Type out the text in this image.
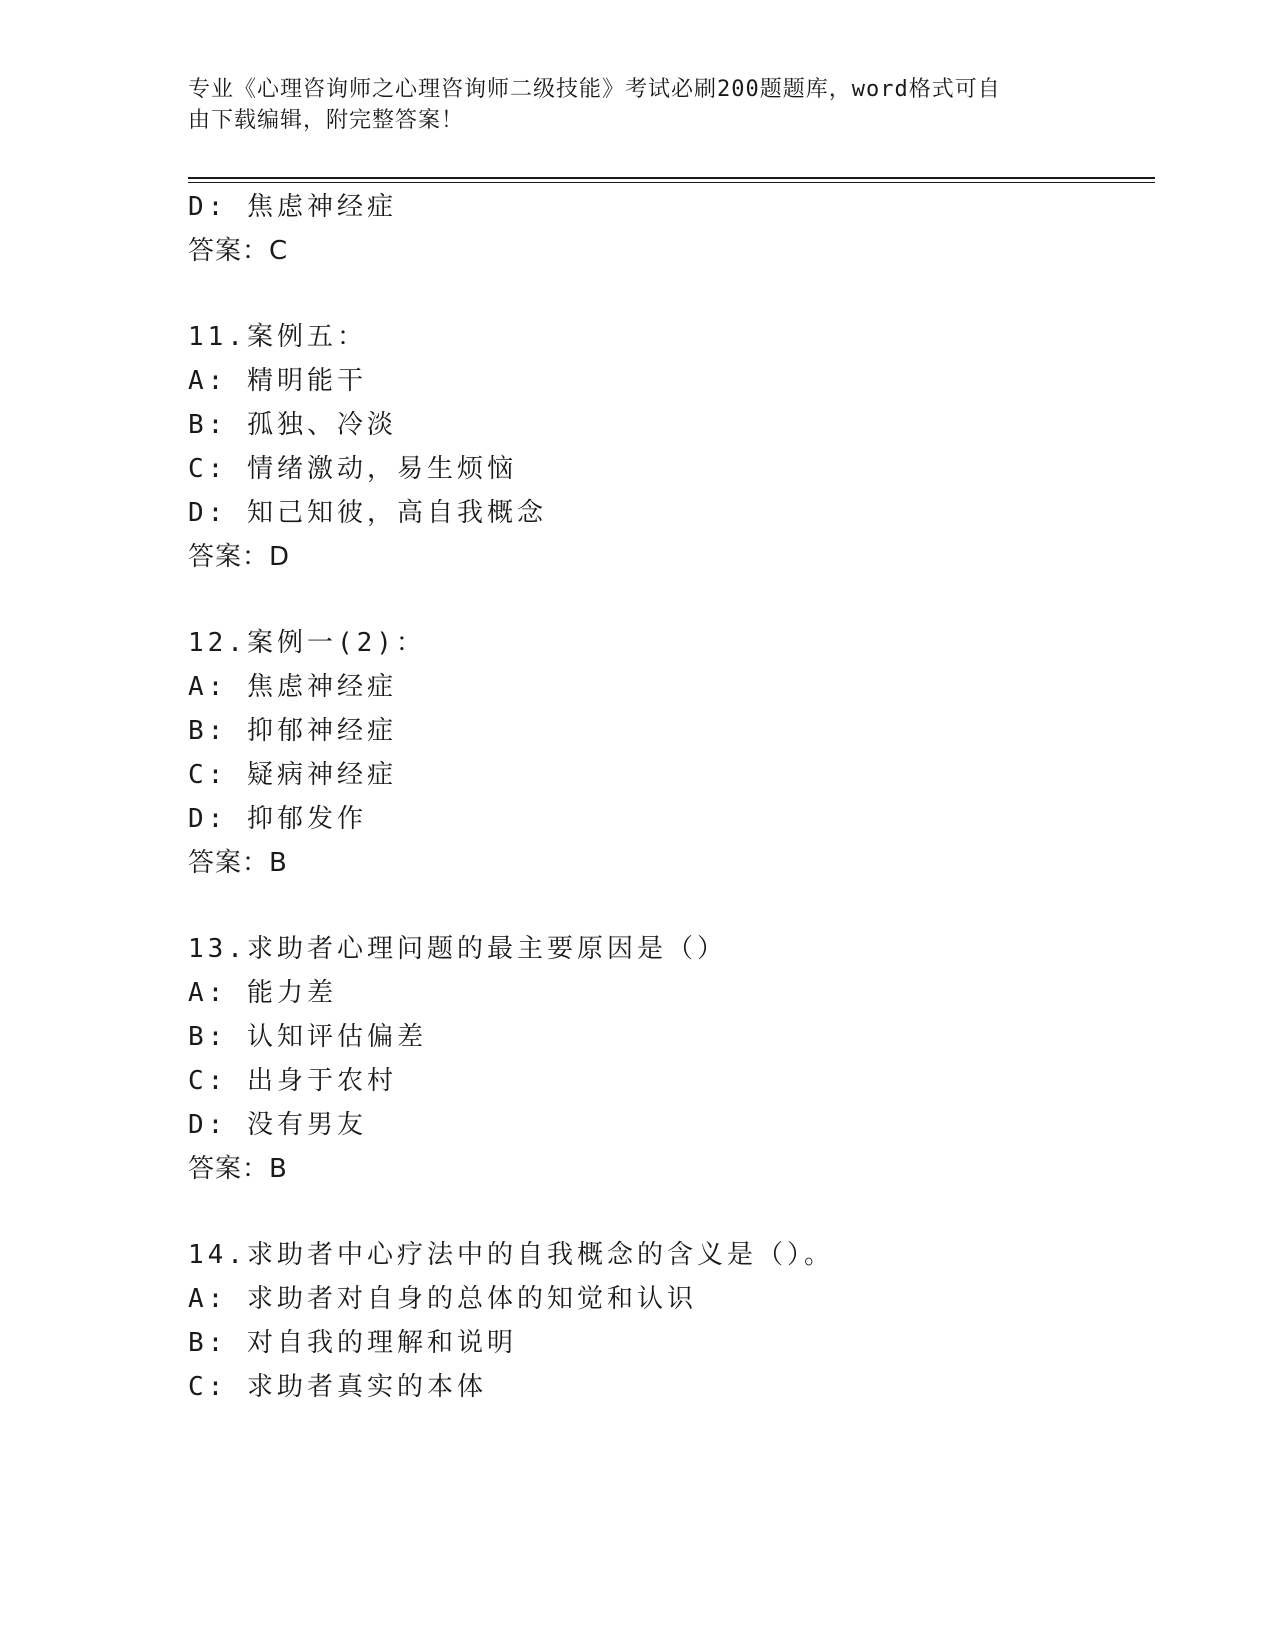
专业《心理咨询师之心理咨询师二级技能》考试必刷200题题库，word格式可自
由下载编辑，附完整答案！
D: 焦虑神经症
答案：C
11.案例五：
A: 精明能干
B: 孤独、冷淡
C: 情绪激动，易生烦恼
D: 知己知彼，高自我概念
答案：D
12.案例一(2)：
A: 焦虑神经症
B: 抑郁神经症
C: 疑病神经症
D: 抑郁发作
答案：B
13.求助者心理问题的最主要原因是（）
A: 能力差
B: 认知评估偏差
C: 出身于农村
D: 没有男友
答案：B
14.求助者中心疗法中的自我概念的含义是（）。
A: 求助者对自身的总体的知觉和认识
B: 对自我的理解和说明
C: 求助者真实的本体
